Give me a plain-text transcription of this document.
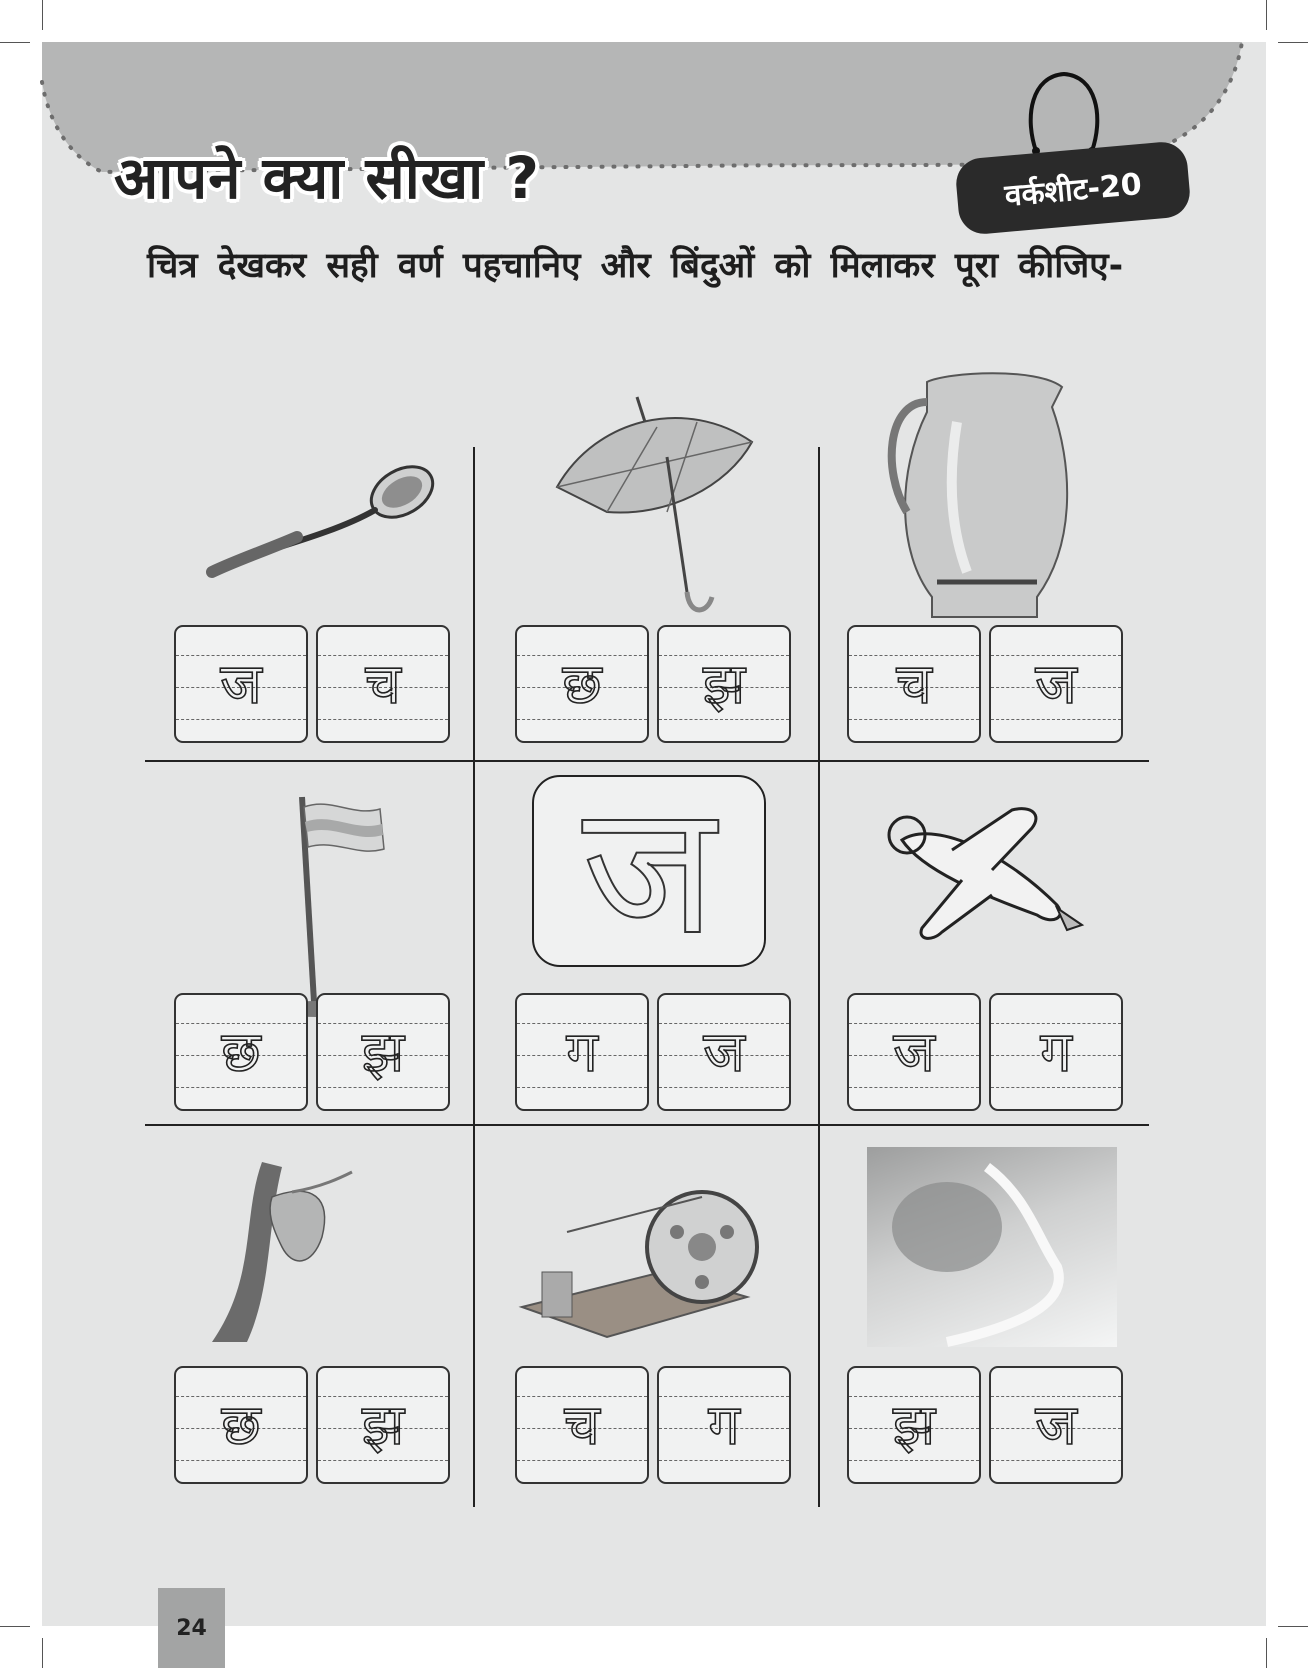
आपने क्या सीखा ?	वर्कशीट-20
चित्र देखकर सही वर्ण पहचानिए और बिंदुओं को मिलाकर पूरा कीजिए-
ज
24
ज	च	छ	झ	च	ज
छ	झ	ग	ज	ज	ग
छ	झ	च	ग	झ	ज
